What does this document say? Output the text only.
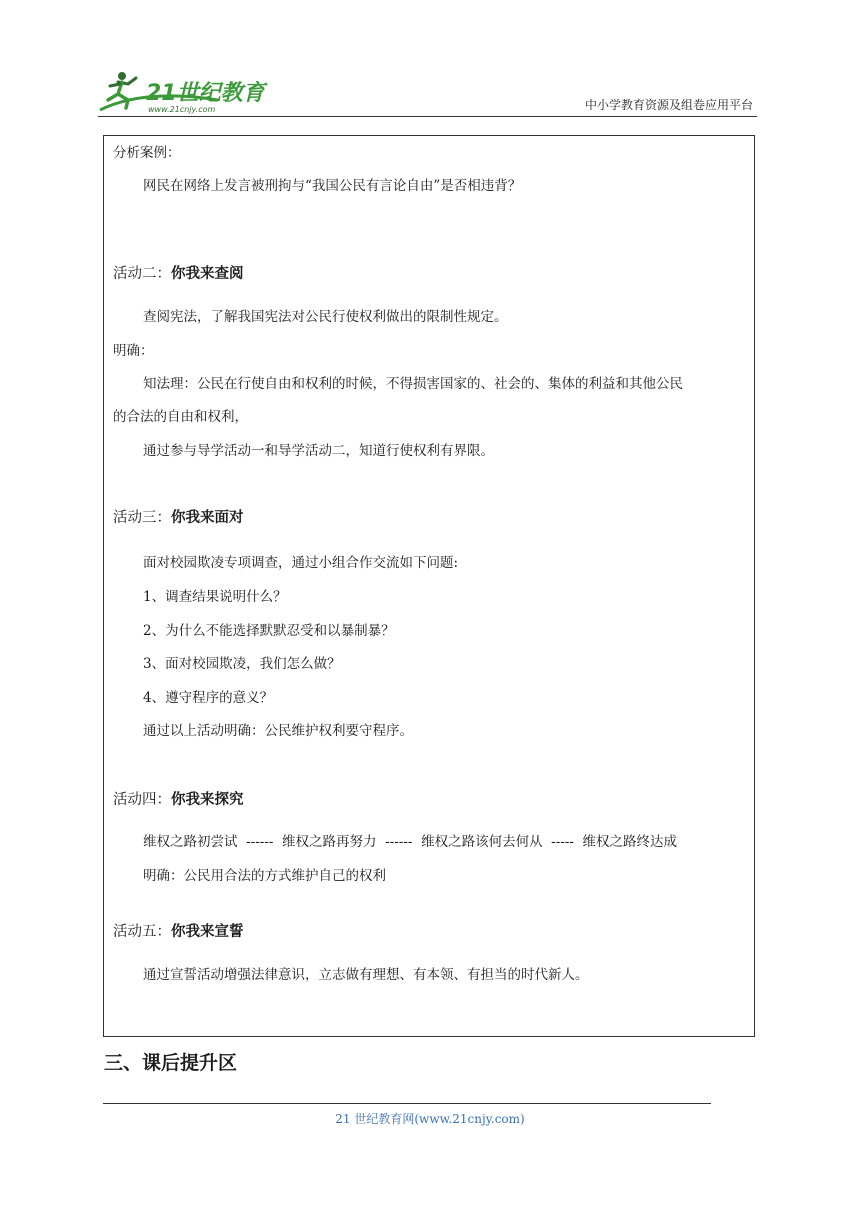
21世纪教育
www.21cnjy.com	中小学教育资源及组卷应用平台
分析案例：
网民在网络上发言被刑拘与“我国公民有言论自由”是否相违背？
活动二：你我来查阅
查阅宪法，了解我国宪法对公民行使权利做出的限制性规定。
明确：
知法理：公民在行使自由和权利的时候，不得损害国家的、社会的、集体的利益和其他公民
的合法的自由和权利，
通过参与导学活动一和导学活动二，知道行使权利有界限。
活动三：你我来面对
面对校园欺凌专项调查，通过小组合作交流如下问题:
1、调查结果说明什么？
2、为什么不能选择默默忍受和以暴制暴？
3、面对校园欺凌，我们怎么做？
4、遵守程序的意义？
通过以上活动明确：公民维护权利要守程序。
活动四：你我来探究
维权之路初尝试  ------  维权之路再努力  ------  维权之路该何去何从  -----  维权之路终达成
明确：公民用合法的方式维护自己的权利
活动五：你我来宣誓
通过宣誓活动增强法律意识，立志做有理想、有本领、有担当的时代新人。
三、课后提升区
21 世纪教育网(www.21cnjy.com)
